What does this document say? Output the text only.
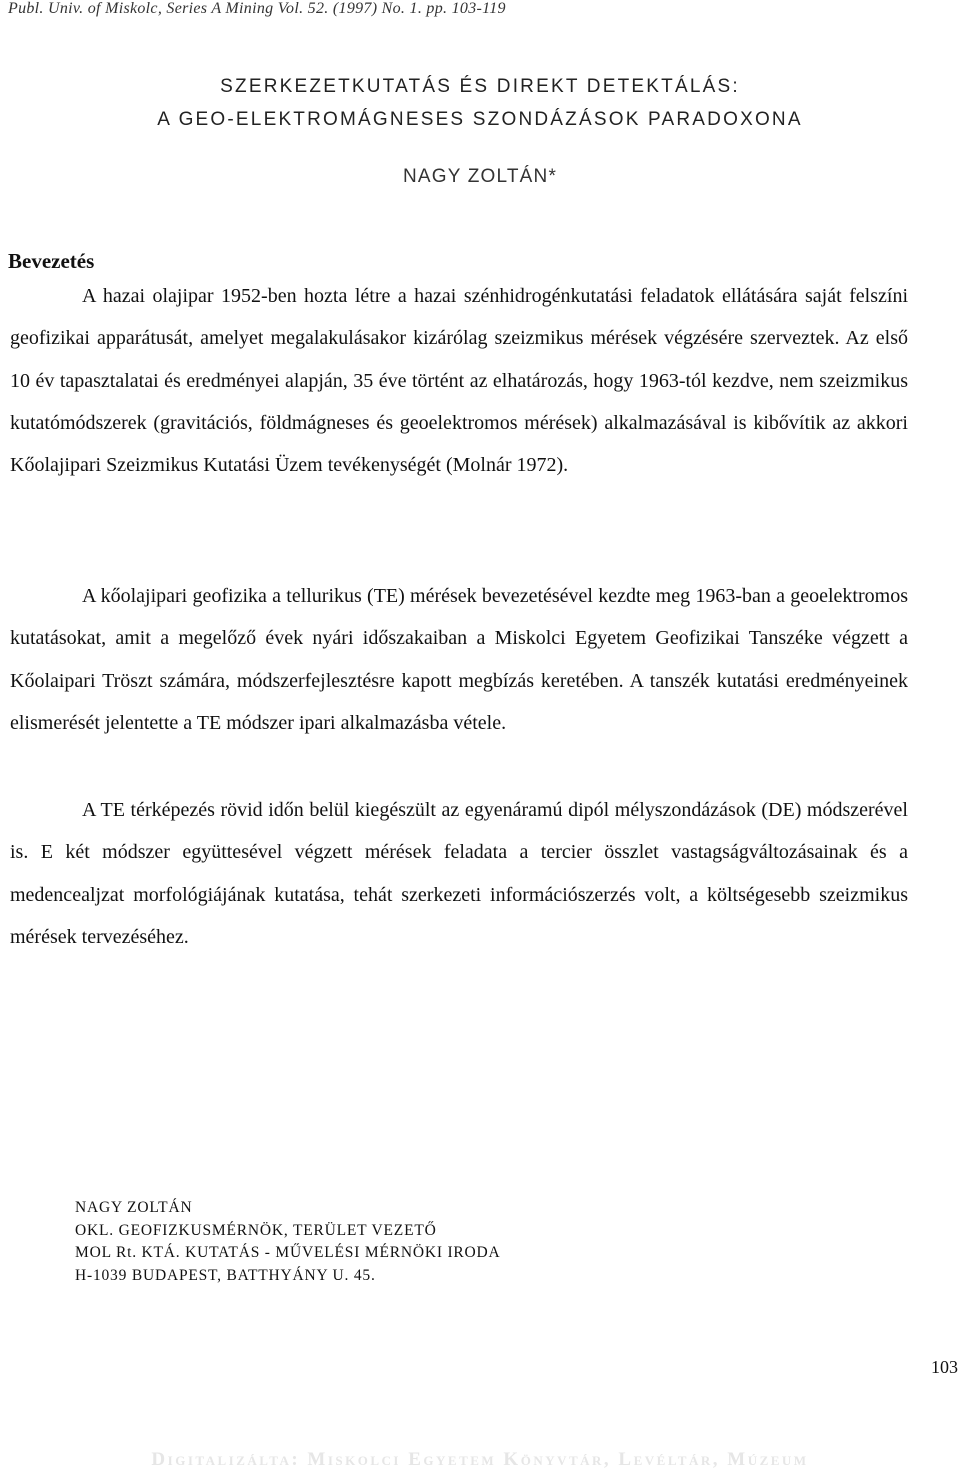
Publ. Univ. of Miskolc, Series A Mining Vol. 52. (1997) No. 1. pp. 103-119
SZERKEZETKUTATÁS ÉS DIREKT DETEKTÁLÁS:
A GEO-ELEKTROMÁGNESES SZONDÁZÁSOK PARADOXONA
NAGY ZOLTÁN*
Bevezetés

A hazai olajipar 1952-ben hozta létre a hazai szénhidrogénkutatási feladatok ellátására saját felszíni geofizikai apparátusát, amelyet megalakulásakor kizárólag szeizmikus mérések végzésére szerveztek. Az első 10 év tapasztalatai és eredményei alapján, 35 éve történt az elhatározás, hogy 1963-tól kezdve, nem szeizmikus kutatómódszerek (gravitációs, földmágneses és geoelektromos mérések) alkalmazásával is kibővítik az akkori Kőolajipari Szeizmikus Kutatási Üzem tevékenységét (Molnár 1972).

A kőolajipari geofizika a tellurikus (TE) mérések bevezetésével kezdte meg 1963-ban a geoelektromos kutatásokat, amit a megelőző évek nyári időszakaiban a Miskolci Egyetem Geofizikai Tanszéke végzett a Kőolaipari Tröszt számára, módszerfejlesztésre kapott megbízás keretében. A tanszék kutatási eredményeinek elismerését jelentette a TE módszer ipari alkalmazásba vétele.

A TE térképezés rövid időn belül kiegészült az egyenáramú dipól mélyszondázások (DE) módszerével is. E két módszer együttesével végzett mérések feladata a tercier összlet vastagságváltozásainak és a medencealjzat morfológiájának kutatása, tehát szerkezeti információszerzés volt, a költségesebb szeizmikus mérések tervezéséhez.

NAGY ZOLTÁN
OKL. GEOFIZKUSMÉRNÖK, TERÜLET VEZETŐ
MOL Rt. KTÁ. KUTATÁS - MŰVELÉSI MÉRNÖKI IRODA
H-1039 BUDAPEST, BATTHYÁNY U. 45.
103
Digitalizálta: Miskolci Egyetem Könyvtár, Levéltár, Múzeum
